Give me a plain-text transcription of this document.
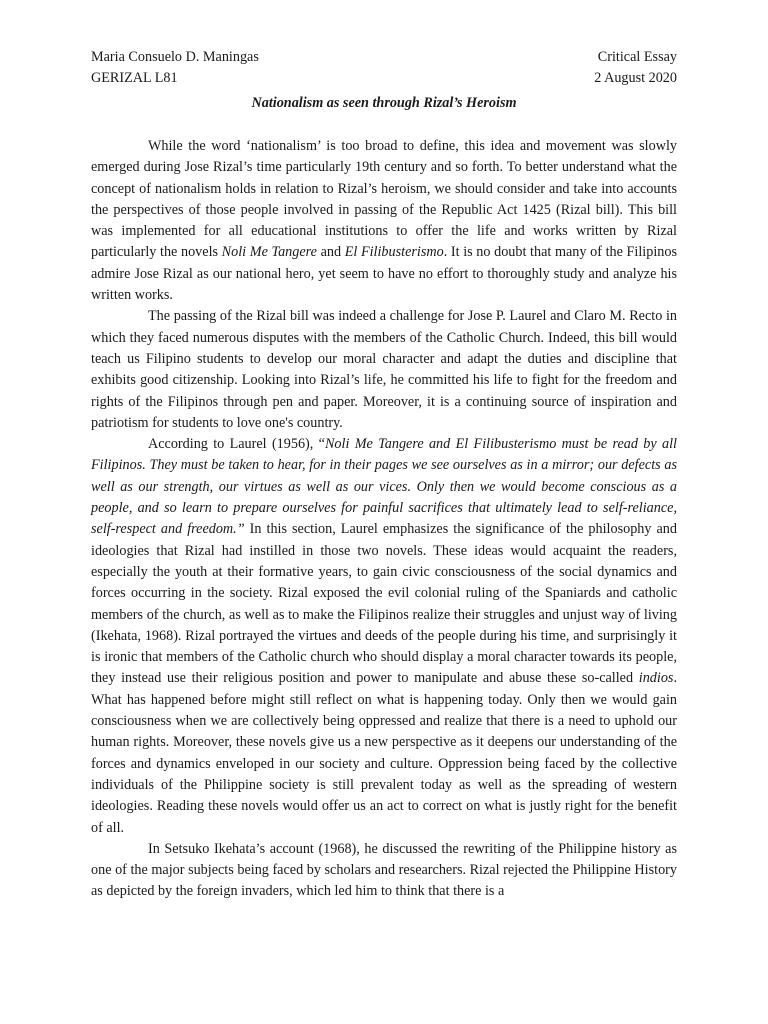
Maria Consuelo D. Maningas	Critical Essay
GERIZAL L81	2 August 2020
Nationalism as seen through Rizal’s Heroism

While the word ‘nationalism’ is too broad to define, this idea and movement was slowly emerged during Jose Rizal’s time particularly 19th century and so forth. To better understand what the concept of nationalism holds in relation to Rizal’s heroism, we should consider and take into accounts the perspectives of those people involved in passing of the Republic Act 1425 (Rizal bill). This bill was implemented for all educational institutions to offer the life and works written by Rizal particularly the novels Noli Me Tangere and El Filibusterismo. It is no doubt that many of the Filipinos admire Jose Rizal as our national hero, yet seem to have no effort to thoroughly study and analyze his written works.

The passing of the Rizal bill was indeed a challenge for Jose P. Laurel and Claro M. Recto in which they faced numerous disputes with the members of the Catholic Church. Indeed, this bill would teach us Filipino students to develop our moral character and adapt the duties and discipline that exhibits good citizenship. Looking into Rizal’s life, he committed his life to fight for the freedom and rights of the Filipinos through pen and paper. Moreover, it is a continuing source of inspiration and patriotism for students to love one's country.

According to Laurel (1956), “Noli Me Tangere and El Filibusterismo must be read by all Filipinos. They must be taken to hear, for in their pages we see ourselves as in a mirror; our defects as well as our strength, our virtues as well as our vices. Only then we would become conscious as a people, and so learn to prepare ourselves for painful sacrifices that ultimately lead to self-reliance, self-respect and freedom.” In this section, Laurel emphasizes the significance of the philosophy and ideologies that Rizal had instilled in those two novels. These ideas would acquaint the readers, especially the youth at their formative years, to gain civic consciousness of the social dynamics and forces occurring in the society. Rizal exposed the evil colonial ruling of the Spaniards and catholic members of the church, as well as to make the Filipinos realize their struggles and unjust way of living (Ikehata, 1968). Rizal portrayed the virtues and deeds of the people during his time, and surprisingly it is ironic that members of the Catholic church who should display a moral character towards its people, they instead use their religious position and power to manipulate and abuse these so-called indios. What has happened before might still reflect on what is happening today. Only then we would gain consciousness when we are collectively being oppressed and realize that there is a need to uphold our human rights. Moreover, these novels give us a new perspective as it deepens our understanding of the forces and dynamics enveloped in our society and culture. Oppression being faced by the collective individuals of the Philippine society is still prevalent today as well as the spreading of western ideologies. Reading these novels would offer us an act to correct on what is justly right for the benefit of all.

In Setsuko Ikehata’s account (1968), he discussed the rewriting of the Philippine history as one of the major subjects being faced by scholars and researchers. Rizal rejected the Philippine History as depicted by the foreign invaders, which led him to think that there is a
